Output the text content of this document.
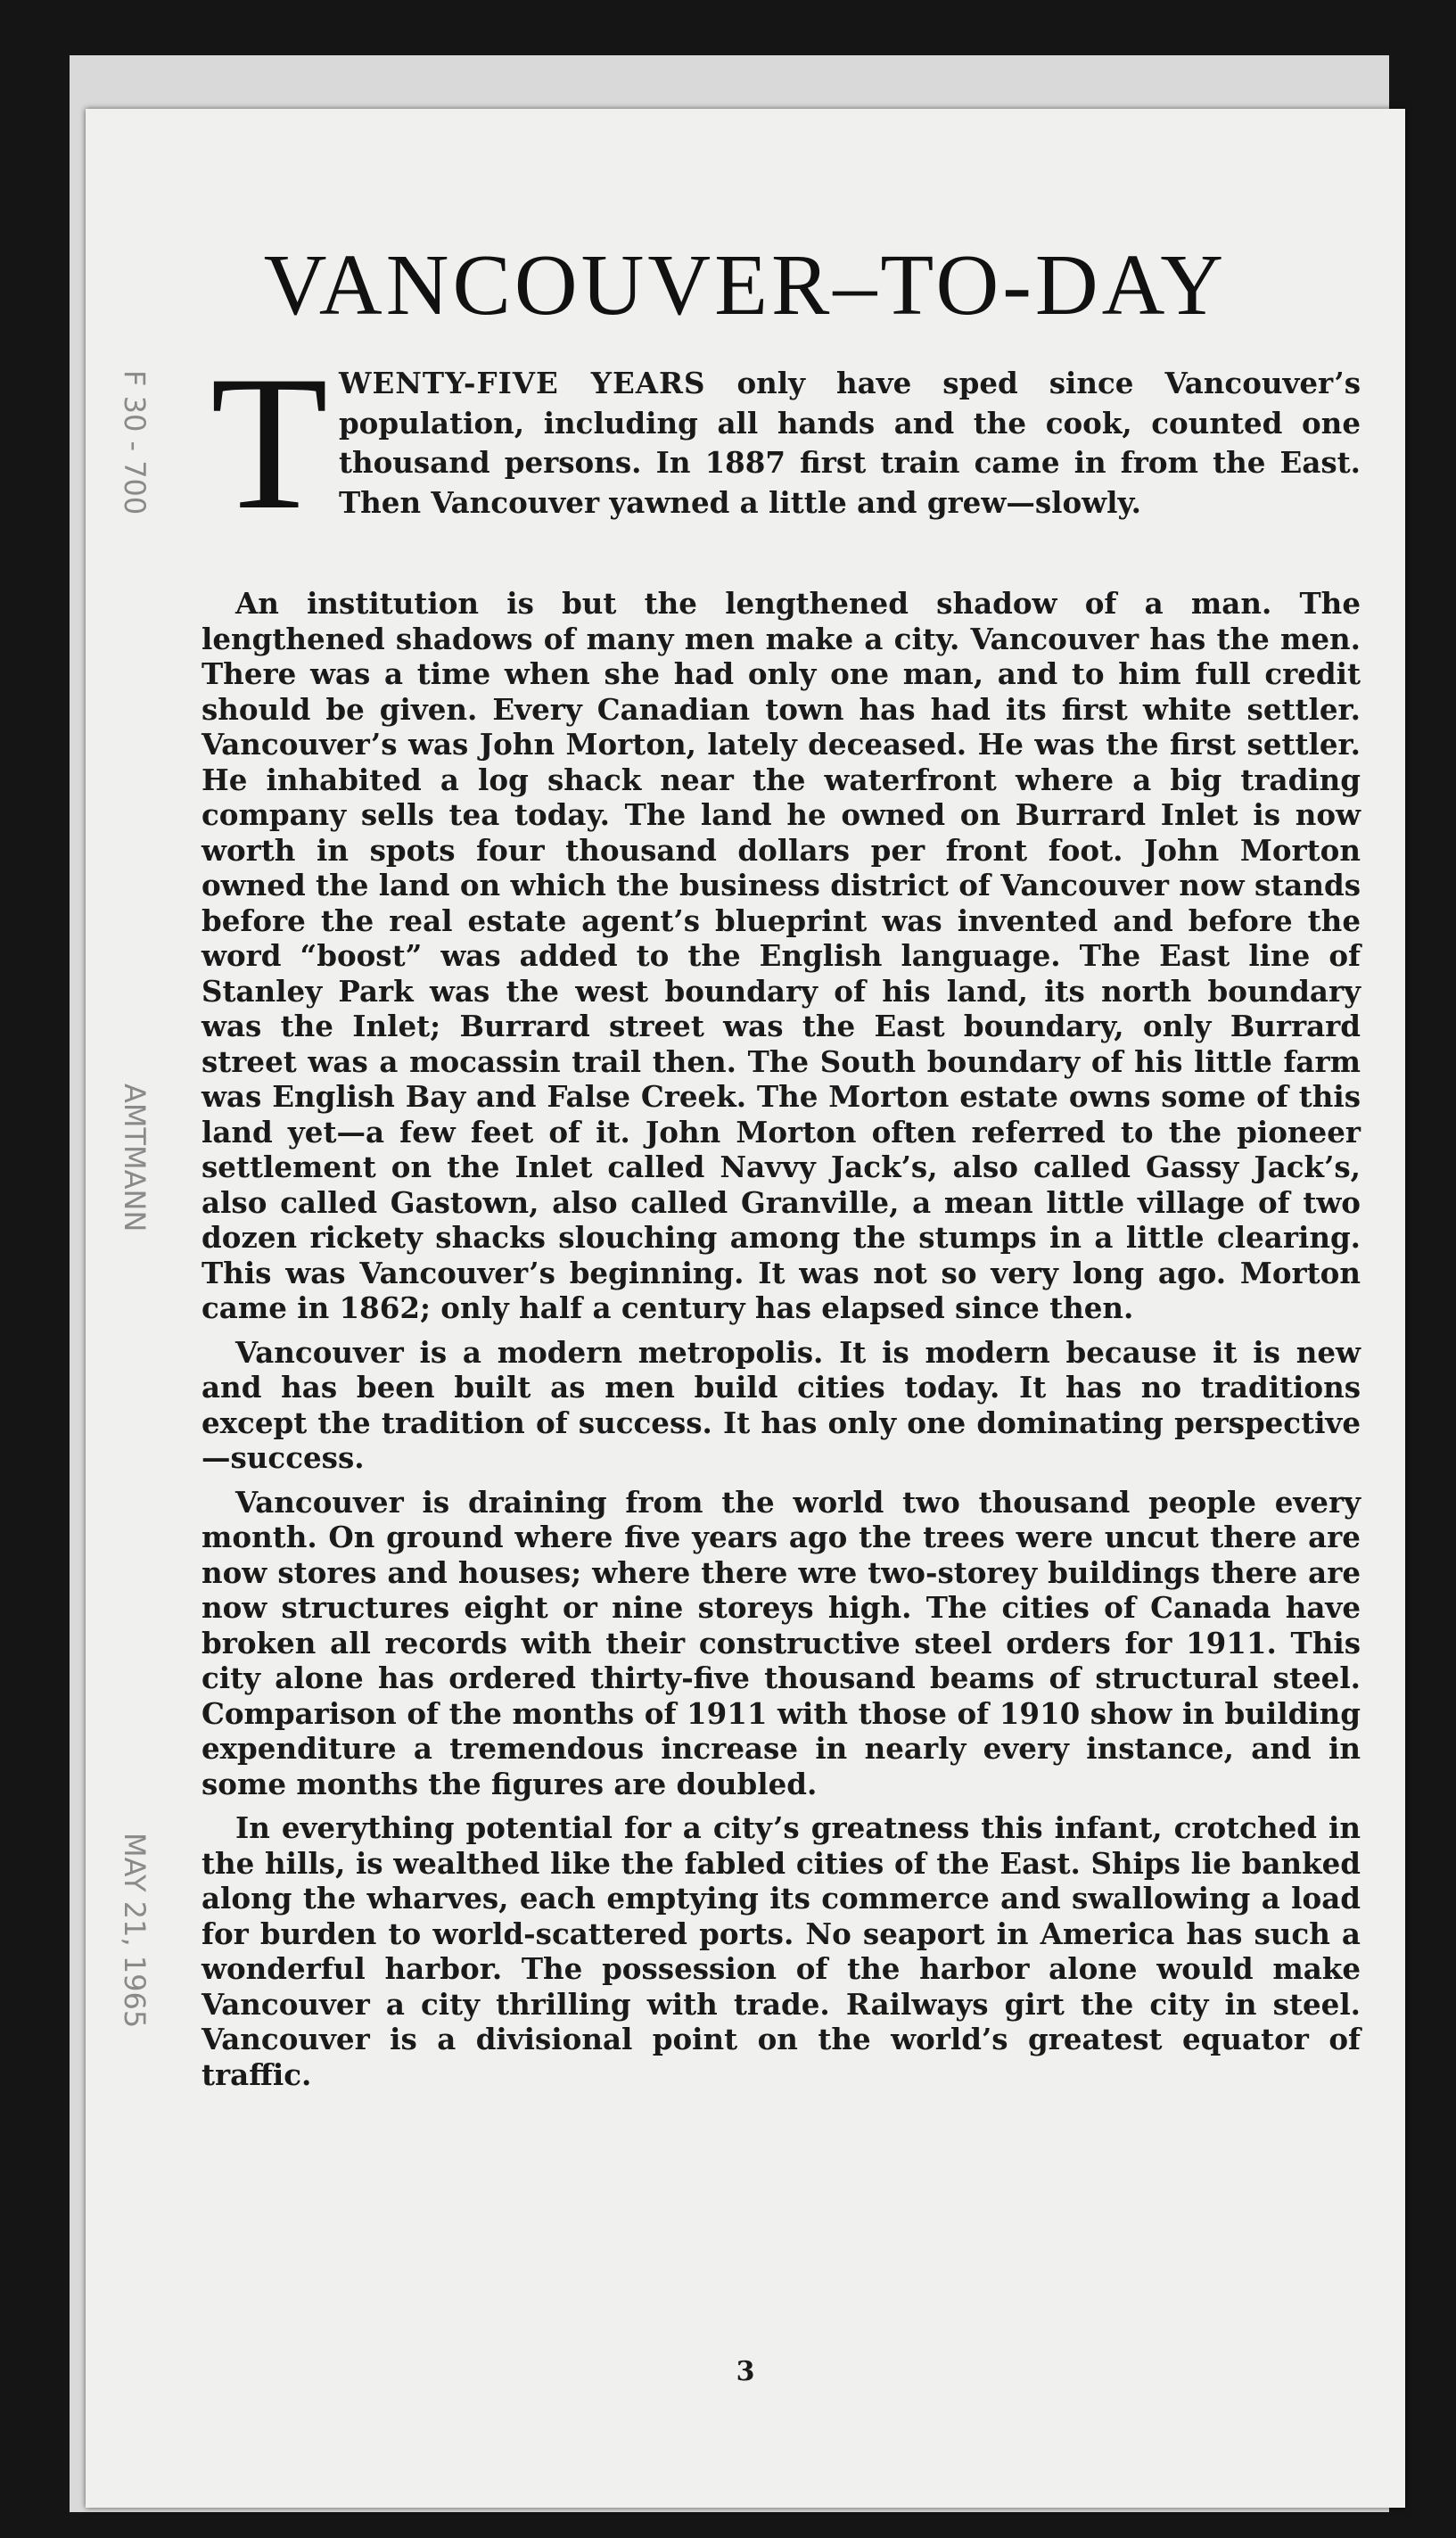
VANCOUVER–TO-DAY
T WENTY-FIVE YEARS only have sped since Vancouver’s population, including all hands and the cook, counted one thousand persons. In 1887 first train came in from the East. Then Vancouver yawned a little and grew—slowly.

An institution is but the lengthened shadow of a man. The lengthened shadows of many men make a city. Vancouver has the men. There was a time when she had only one man, and to him full credit should be given. Every Canadian town has had its first white settler. Vancouver’s was John Morton, lately deceased. He was the first settler. He inhabited a log shack near the waterfront where a big trading company sells tea today. The land he owned on Burrard Inlet is now worth in spots four thousand dollars per front foot. John Morton owned the land on which the business district of Vancouver now stands before the real estate agent’s blueprint was invented and before the word “boost” was added to the English language. The East line of Stanley Park was the west boundary of his land, its north boundary was the Inlet; Burrard street was the East boundary, only Burrard street was a mocassin trail then. The South boundary of his little farm was English Bay and False Creek. The Morton estate owns some of this land yet—a few feet of it. John Morton often referred to the pioneer settlement on the Inlet called Navvy Jack’s, also called Gassy Jack’s, also called Gastown, also called Granville, a mean little village of two dozen rickety shacks slouching among the stumps in a little clearing. This was Vancouver’s beginning. It was not so very long ago. Morton came in 1862; only half a century has elapsed since then.

Vancouver is a modern metropolis. It is modern because it is new and has been built as men build cities today. It has no traditions except the tradition of success. It has only one dominating perspective—success.

Vancouver is draining from the world two thousand people every month. On ground where five years ago the trees were uncut there are now stores and houses; where there wre two-storey buildings there are now structures eight or nine storeys high. The cities of Canada have broken all records with their constructive steel orders for 1911. This city alone has ordered thirty-five thousand beams of structural steel. Comparison of the months of 1911 with those of 1910 show in building expenditure a tremendous increase in nearly every instance, and in some months the figures are doubled.

In everything potential for a city’s greatness this infant, crotched in the hills, is wealthed like the fabled cities of the East. Ships lie banked along the wharves, each emptying its commerce and swallowing a load for burden to world-scattered ports. No seaport in America has such a wonderful harbor. The possession of the harbor alone would make Vancouver a city thrilling with trade. Railways girt the city in steel. Vancouver is a divisional point on the world’s greatest equator of traffic.

3
F 30 - 700
AMTMANN
MAY 21, 1965
